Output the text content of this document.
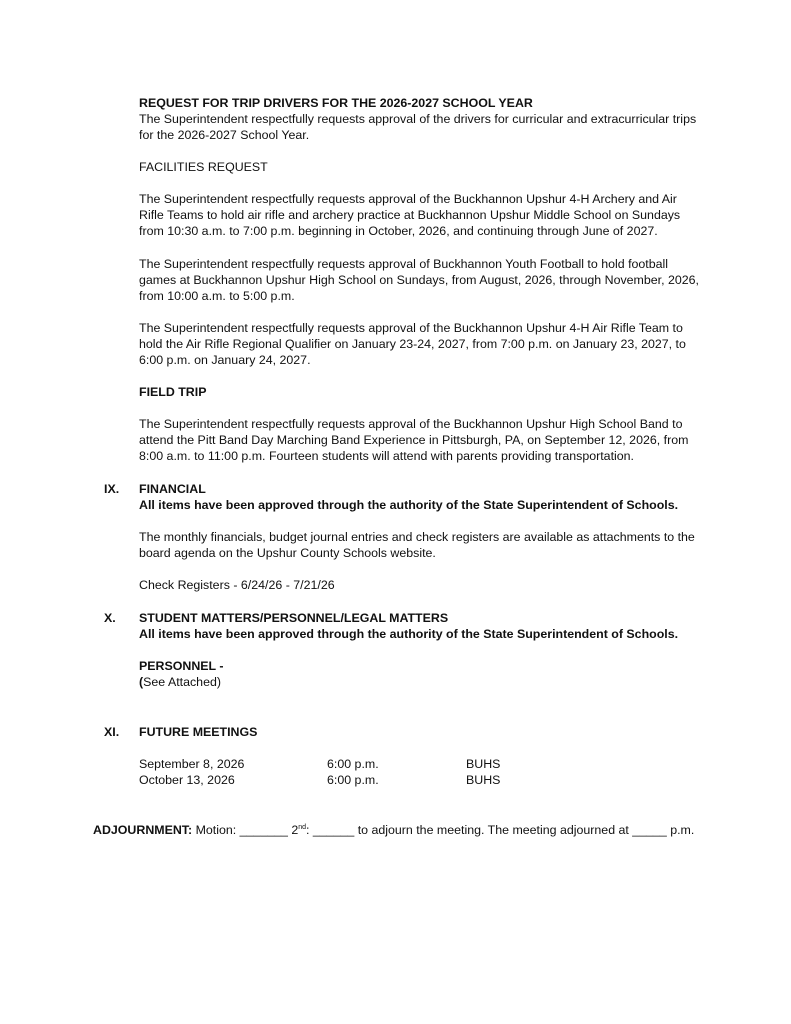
REQUEST FOR TRIP DRIVERS FOR THE 2026-2027 SCHOOL YEAR

The Superintendent respectfully requests approval of the drivers for curricular and extracurricular trips for the 2026-2027 School Year.

FACILITIES REQUEST
The Superintendent respectfully requests approval of the Buckhannon Upshur 4-H Archery and Air Rifle Teams to hold air rifle and archery practice at Buckhannon Upshur Middle School on Sundays from 10:30 a.m. to 7:00 p.m. beginning in October, 2026, and continuing through June of 2027.
The Superintendent respectfully requests approval of Buckhannon Youth Football to hold football games at Buckhannon Upshur High School on Sundays, from August, 2026, through November, 2026, from 10:00 a.m. to 5:00 p.m.
The Superintendent respectfully requests approval of the Buckhannon Upshur 4-H Air Rifle Team to hold the Air Rifle Regional Qualifier on January 23-24, 2027, from 7:00 p.m. on January 23, 2027, to 6:00 p.m. on January 24, 2027.
FIELD TRIP
The Superintendent respectfully requests approval of the Buckhannon Upshur High School Band to attend the Pitt Band Day Marching Band Experience in Pittsburgh, PA, on September 12, 2026, from 8:00 a.m. to 11:00 p.m. Fourteen students will attend with parents providing transportation.
IX.	FINANCIAL
All items have been approved through the authority of the State Superintendent of Schools.
The monthly financials, budget journal entries and check registers are available as attachments to the board agenda on the Upshur County Schools website.
Check Registers - 6/24/26 - 7/21/26
X.	STUDENT MATTERS/PERSONNEL/LEGAL MATTERS
All items have been approved through the authority of the State Superintendent of Schools.
PERSONNEL -
(See Attached)
XI.	FUTURE MEETINGS
September 8, 2026	6:00 p.m.	BUHS
October 13, 2026	6:00 p.m.	BUHS
ADJOURNMENT: Motion: _______ 2nd: ______ to adjourn the meeting. The meeting adjourned at _____ p.m.
